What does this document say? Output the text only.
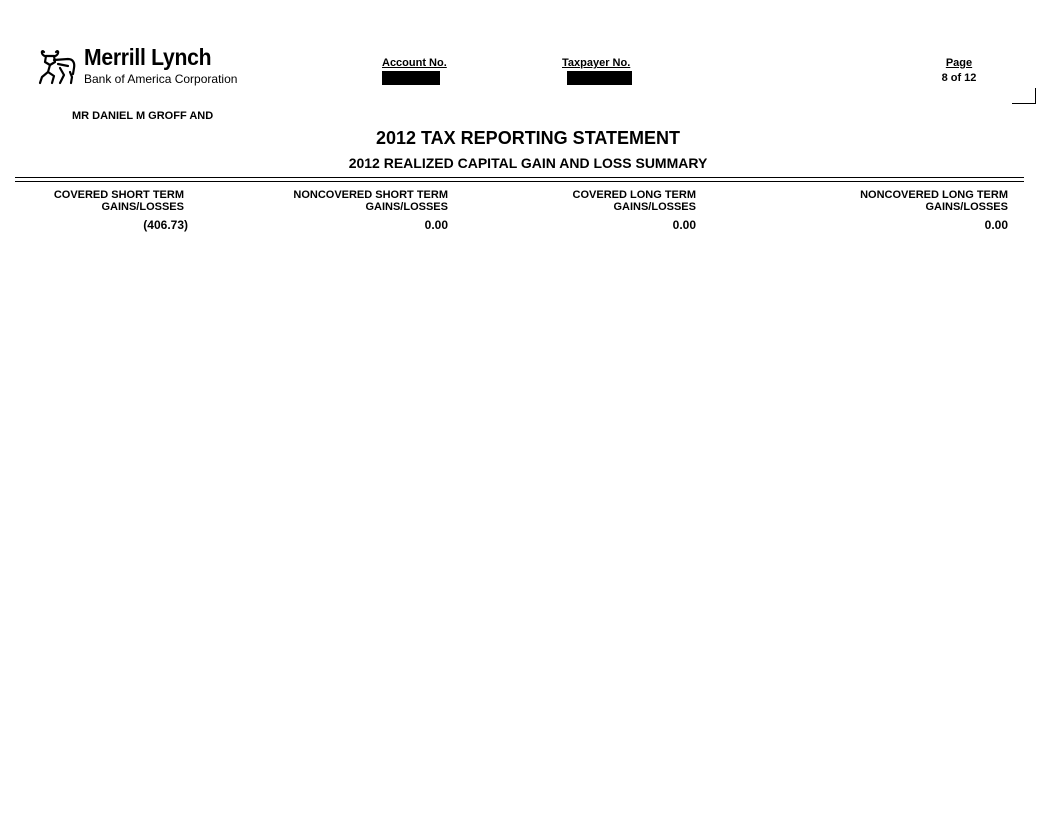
Merrill Lynch
Bank of America Corporation
Account No.	Taxpayer No.	Page
8 of 12
MR DANIEL M GROFF AND
2012 TAX REPORTING STATEMENT
2012 REALIZED CAPITAL GAIN AND LOSS SUMMARY
COVERED SHORT TERM
GAINS/LOSSES
(406.73)
NONCOVERED SHORT TERM
GAINS/LOSSES
0.00
COVERED LONG TERM
GAINS/LOSSES
0.00
NONCOVERED LONG TERM
GAINS/LOSSES
0.00
